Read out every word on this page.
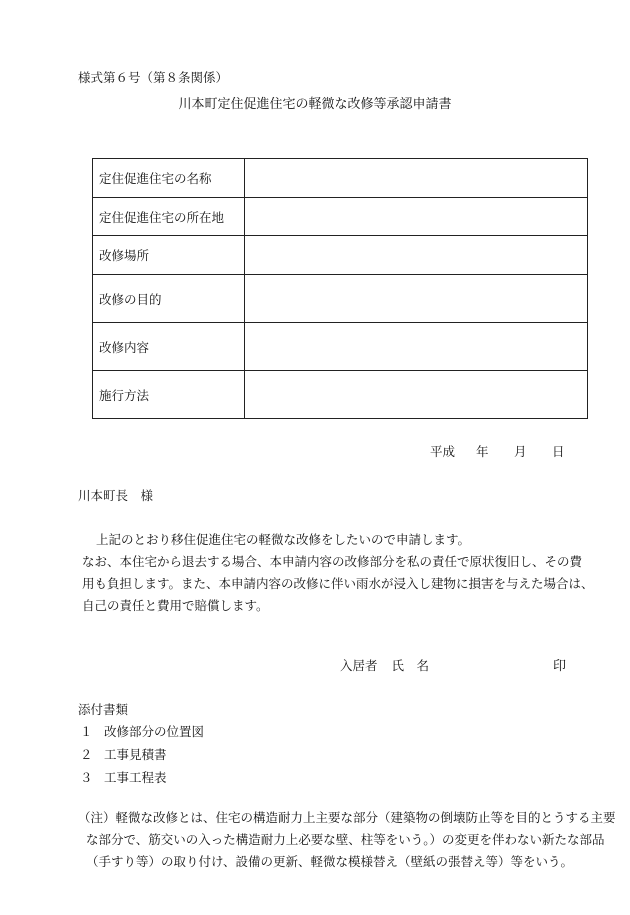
様式第６号（第８条関係）
川本町定住促進住宅の軽微な改修等承認申請書
定住促進住宅の名称	
定住促進住宅の所在地	
改修場所	
改修の目的	
改修内容	
施行方法	
平成 年 月 日
川本町長　様
上記のとおり移住促進住宅の軽微な改修をしたいので申請します。
なお、本住宅から退去する場合、本申請内容の改修部分を私の責任で原状復旧し、その費
用も負担します。また、本申請内容の改修に伴い雨水が浸入し建物に損害を与えた場合は、
自己の責任と費用で賠償します。
入居者 氏　名	印
添付書類
１ 改修部分の位置図
２ 工事見積書
３ 工事工程表
（注）軽微な改修とは、住宅の構造耐力上主要な部分（建築物の倒壊防止等を目的とうする主要
な部分で、筋交いの入った構造耐力上必要な壁、柱等をいう。）の変更を伴わない新たな部品
（手すり等）の取り付け、設備の更新、軽微な模様替え（壁紙の張替え等）等をいう。
